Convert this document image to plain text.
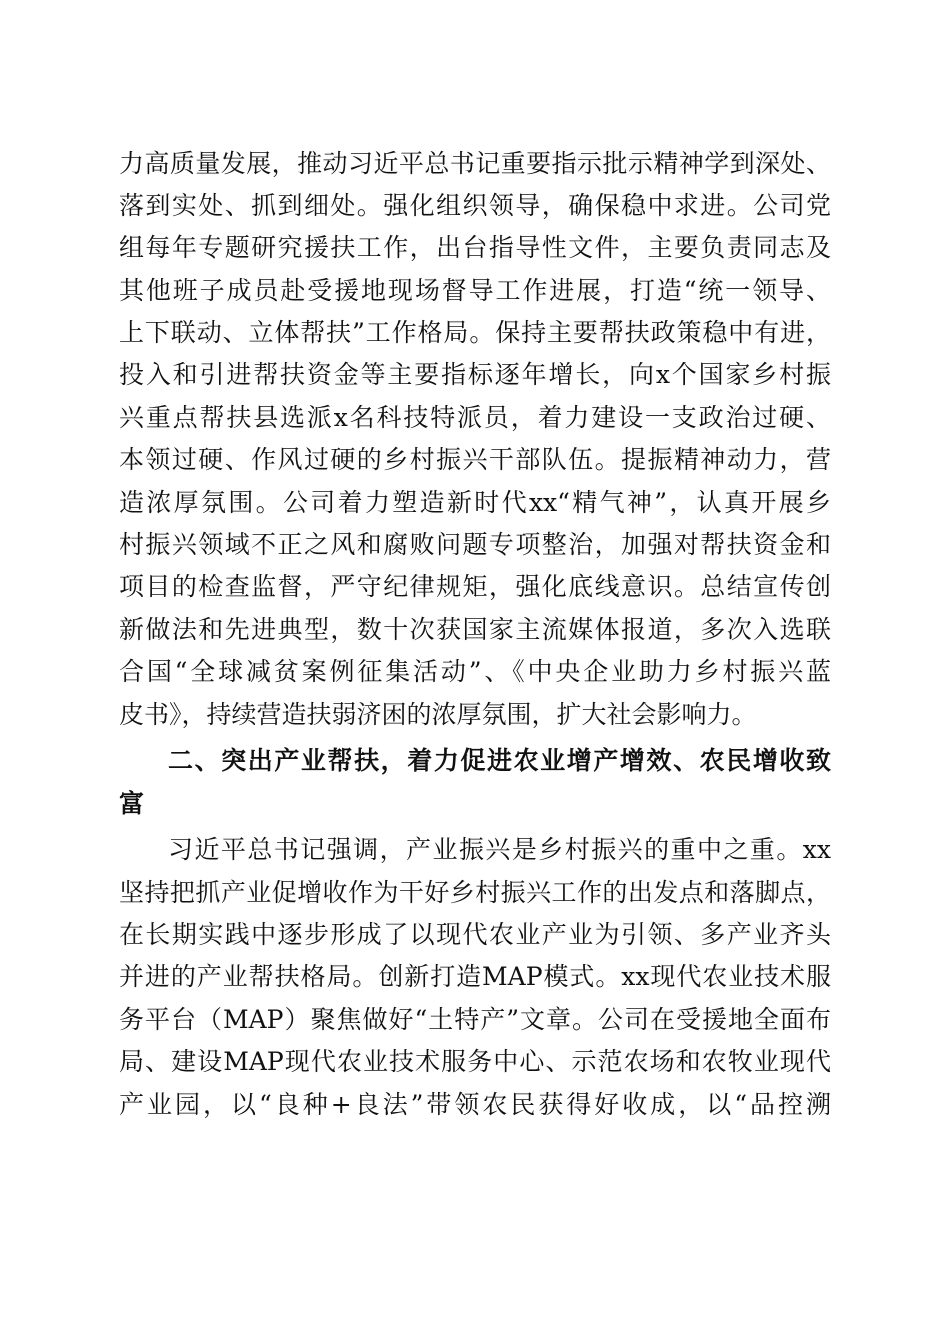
力高质量发展，推动习近平总书记重要指示批示精神学到深处、
落到实处、抓到细处。强化组织领导，确保稳中求进。公司党
组每年专题研究援扶工作，出台指导性文件，主要负责同志及
其他班子成员赴受援地现场督导工作进展，打造“统一领导、
上下联动、立体帮扶”工作格局。保持主要帮扶政策稳中有进，
投入和引进帮扶资金等主要指标逐年增长，向x个国家乡村振
兴重点帮扶县选派x名科技特派员，着力建设一支政治过硬、
本领过硬、作风过硬的乡村振兴干部队伍。提振精神动力，营
造浓厚氛围。公司着力塑造新时代xx“精气神”，认真开展乡
村振兴领域不正之风和腐败问题专项整治，加强对帮扶资金和
项目的检查监督，严守纪律规矩，强化底线意识。总结宣传创
新做法和先进典型，数十次获国家主流媒体报道，多次入选联
合国“全球减贫案例征集活动”、《中央企业助力乡村振兴蓝
皮书》，持续营造扶弱济困的浓厚氛围，扩大社会影响力。
二、突出产业帮扶，着力促进农业增产增效、农民增收致
富
习近平总书记强调，产业振兴是乡村振兴的重中之重。xx
坚持把抓产业促增收作为干好乡村振兴工作的出发点和落脚点，
在长期实践中逐步形成了以现代农业产业为引领、多产业齐头
并进的产业帮扶格局。创新打造MAP模式。xx现代农业技术服
务平台（MAP）聚焦做好“土特产”文章。公司在受援地全面布
局、建设MAP现代农业技术服务中心、示范农场和农牧业现代
产业园，以“良种+良法”带领农民获得好收成，以“品控溯
